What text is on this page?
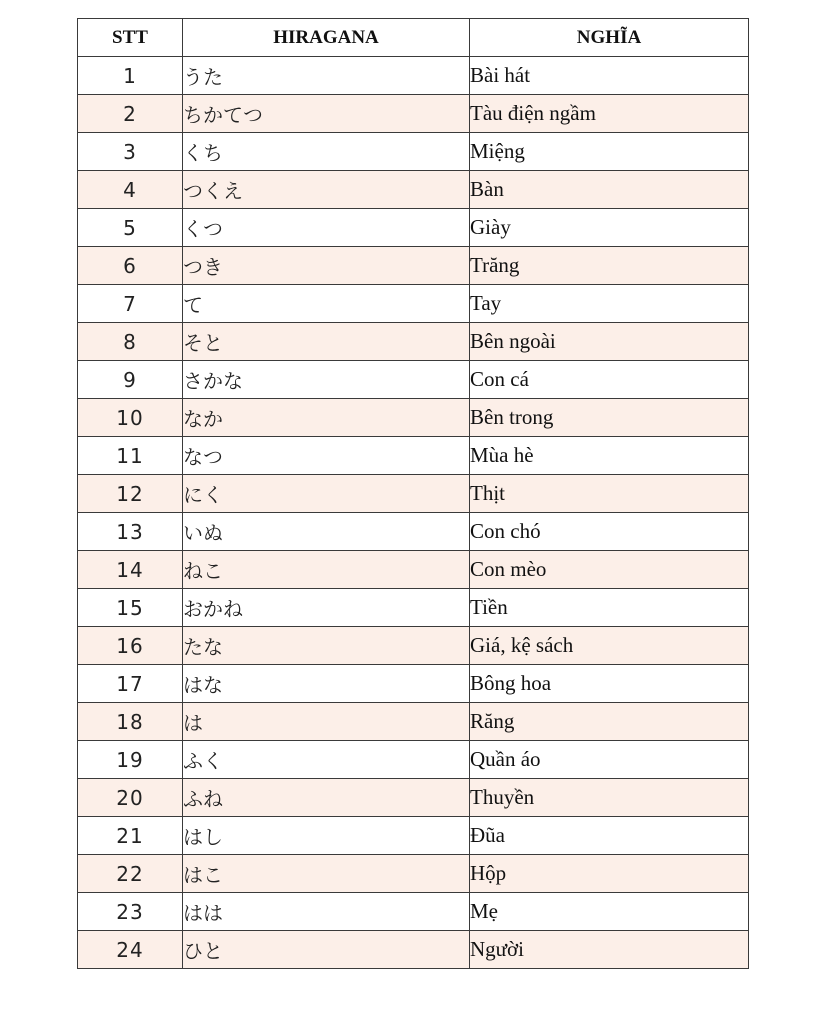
STT	HIRAGANA	NGHĨA
1	うた	Bài hát
2	ちかてつ	Tàu điện ngầm
3	くち	Miệng
4	つくえ	Bàn
5	くつ	Giày
6	つき	Trăng
7	て	Tay
8	そと	Bên ngoài
9	さかな	Con cá
10	なか	Bên trong
11	なつ	Mùa hè
12	にく	Thịt
13	いぬ	Con chó
14	ねこ	Con mèo
15	おかね	Tiền
16	たな	Giá, kệ sách
17	はな	Bông hoa
18	は	Răng
19	ふく	Quần áo
20	ふね	Thuyền
21	はし	Đũa
22	はこ	Hộp
23	はは	Mẹ
24	ひと	Người
